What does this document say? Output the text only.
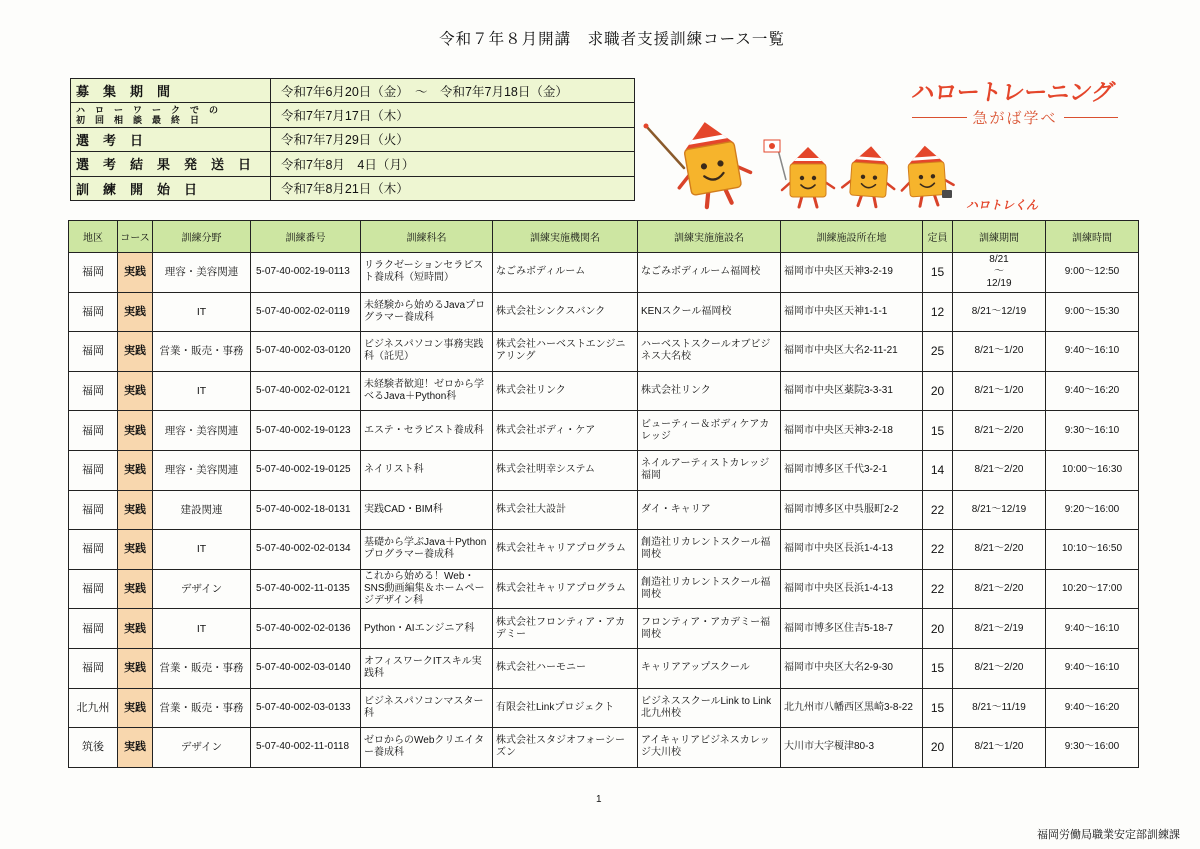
令和７年８月開講　求職者支援訓練コース一覧
募集期間	令和7年6月20日（金）　～　令和7年7月18日（金）
ハローワークでの
初回相談最終日	令和7年7月17日（木）
選考日	令和7年7月29日（火）
選考結果発送日	令和7年8月　4日（月）
訓練開始日	令和7年8月21日（木）
ハロートレーニング
急がば学べ
ハロトレくん
地区	コース	訓練分野	訓練番号	訓練科名	訓練実施機関名	訓練実施施設名	訓練施設所在地	定員	訓練期間	訓練時間
福岡	実践	理容・美容関連	5-07-40-002-19-0113	リラクゼーションセラピスト養成科（短時間）	なごみボディルーム	なごみボディルーム福岡校	福岡市中央区天神3-2-19	15	8/21
～
12/19	9:00～12:50
福岡	実践	IT	5-07-40-002-02-0119	未経験から始めるJavaプログラマー養成科	株式会社シンクスバンク	KENスクール福岡校	福岡市中央区天神1-1-1	12	8/21～12/19	9:00～15:30
福岡	実践	営業・販売・事務	5-07-40-002-03-0120	ビジネスパソコン事務実践科（託児）	株式会社ハーベストエンジニアリング	ハーベストスクールオブビジネス大名校	福岡市中央区大名2-11-21	25	8/21～1/20	9:40～16:10
福岡	実践	IT	5-07-40-002-02-0121	未経験者歓迎！ゼロから学べるJava＋Python科	株式会社リンク	株式会社リンク	福岡市中央区薬院3-3-31	20	8/21～1/20	9:40～16:20
福岡	実践	理容・美容関連	5-07-40-002-19-0123	エステ・セラピスト養成科	株式会社ボディ・ケア	ビューティー＆ボディケアカレッジ	福岡市中央区天神3-2-18	15	8/21～2/20	9:30～16:10
福岡	実践	理容・美容関連	5-07-40-002-19-0125	ネイリスト科	株式会社明幸システム	ネイルアーティストカレッジ福岡	福岡市博多区千代3-2-1	14	8/21～2/20	10:00～16:30
福岡	実践	建設関連	5-07-40-002-18-0131	実践CAD・BIM科	株式会社大設計	ダイ・キャリア	福岡市博多区中呉服町2-2	22	8/21～12/19	9:20～16:00
福岡	実践	IT	5-07-40-002-02-0134	基礎から学ぶJava＋Pythonプログラマー養成科	株式会社キャリアプログラム	創造社リカレントスクール福岡校	福岡市中央区長浜1-4-13	22	8/21～2/20	10:10～16:50
福岡	実践	デザイン	5-07-40-002-11-0135	これから始める！Web・SNS動画編集＆ホームページデザイン科	株式会社キャリアプログラム	創造社リカレントスクール福岡校	福岡市中央区長浜1-4-13	22	8/21～2/20	10:20～17:00
福岡	実践	IT	5-07-40-002-02-0136	Python・AIエンジニア科	株式会社フロンティア・アカデミー	フロンティア・アカデミー福岡校	福岡市博多区住吉5-18-7	20	8/21～2/19	9:40～16:10
福岡	実践	営業・販売・事務	5-07-40-002-03-0140	オフィスワークITスキル実践科	株式会社ハーモニー	キャリアアップスクール	福岡市中央区大名2-9-30	15	8/21～2/20	9:40～16:10
北九州	実践	営業・販売・事務	5-07-40-002-03-0133	ビジネスパソコンマスター科	有限会社Linkプロジェクト	ビジネススクールLink to Link北九州校	北九州市八幡西区黒崎3-8-22	15	8/21～11/19	9:40～16:20
筑後	実践	デザイン	5-07-40-002-11-0118	ゼロからのWebクリエイター養成科	株式会社スタジオフォーシーズン	アイキャリアビジネスカレッジ大川校	大川市大字榎津80-3	20	8/21～1/20	9:30～16:00
1
福岡労働局職業安定部訓練課
